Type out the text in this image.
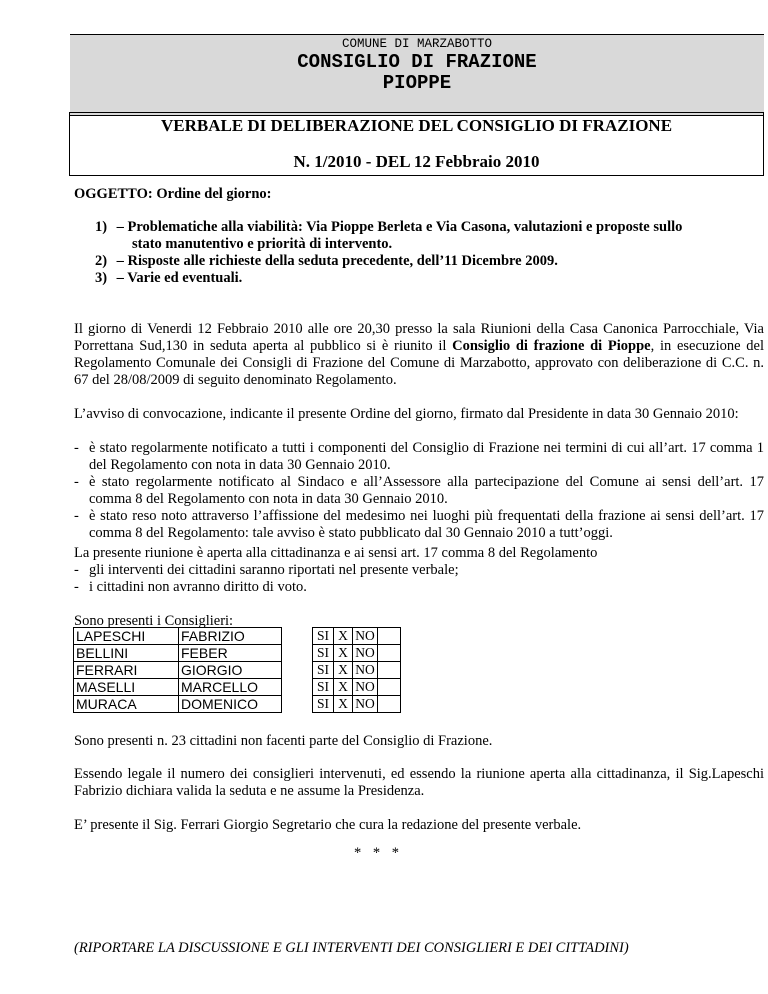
COMUNE DI MARZABOTTO
CONSIGLIO DI FRAZIONE
PIOPPE
VERBALE DI DELIBERAZIONE DEL CONSIGLIO DI FRAZIONE
N. 1/2010 - DEL 12 Febbraio 2010
OGGETTO: Ordine del giorno:
1) – Problematiche alla viabilità: Via Pioppe Berleta e Via Casona, valutazioni e proposte sullo
stato manutentivo e priorità di intervento.
2) – Risposte alle richieste della seduta precedente, dell’11 Dicembre 2009.
3) – Varie ed eventuali.
Il giorno di Venerdi 12 Febbraio 2010 alle ore 20,30 presso la sala Riunioni della Casa Canonica Parrocchiale, Via Porrettana Sud,130 in seduta aperta al pubblico si è riunito il Consiglio di frazione di Pioppe, in esecuzione del Regolamento Comunale dei Consigli di Frazione del Comune di Marzabotto, approvato con deliberazione di C.C. n. 67 del 28/08/2009 di seguito denominato Regolamento.
L’avviso di convocazione, indicante il presente Ordine del giorno, firmato dal Presidente in data 30 Gennaio 2010:
- è stato regolarmente notificato a tutti i componenti del Consiglio di Frazione nei termini di cui all’art. 17 comma 1 del Regolamento con nota in data 30 Gennaio 2010.
- è stato regolarmente notificato al Sindaco e all’Assessore alla partecipazione del Comune ai sensi dell’art. 17 comma 8 del Regolamento con nota in data 30 Gennaio 2010.
- è stato reso noto attraverso l’affissione del medesimo nei luoghi più frequentati della frazione ai sensi dell’art. 17 comma 8 del Regolamento: tale avviso è stato pubblicato dal 30 Gennaio 2010 a tutt’oggi.
La presente riunione è aperta alla cittadinanza e ai sensi art. 17 comma 8 del Regolamento
- gli interventi dei cittadini saranno riportati nel presente verbale;
- i cittadini non avranno diritto di voto.
Sono presenti i Consiglieri:
LAPESCHI	FABRIZIO		SI	X	NO	
BELLINI	FEBER		SI	X	NO	
FERRARI	GIORGIO		SI	X	NO	
MASELLI	MARCELLO		SI	X	NO	
MURACA	DOMENICO		SI	X	NO	
Sono presenti n. 23 cittadini non facenti parte del Consiglio di Frazione.
Essendo legale il numero dei consiglieri intervenuti, ed essendo la riunione aperta alla cittadinanza, il Sig.Lapeschi Fabrizio dichiara valida la seduta e ne assume la Presidenza.
E’ presente il Sig. Ferrari Giorgio Segretario che cura la redazione del presente verbale.
* * *
(RIPORTARE LA DISCUSSIONE E GLI INTERVENTI DEI CONSIGLIERI E DEI CITTADINI)
